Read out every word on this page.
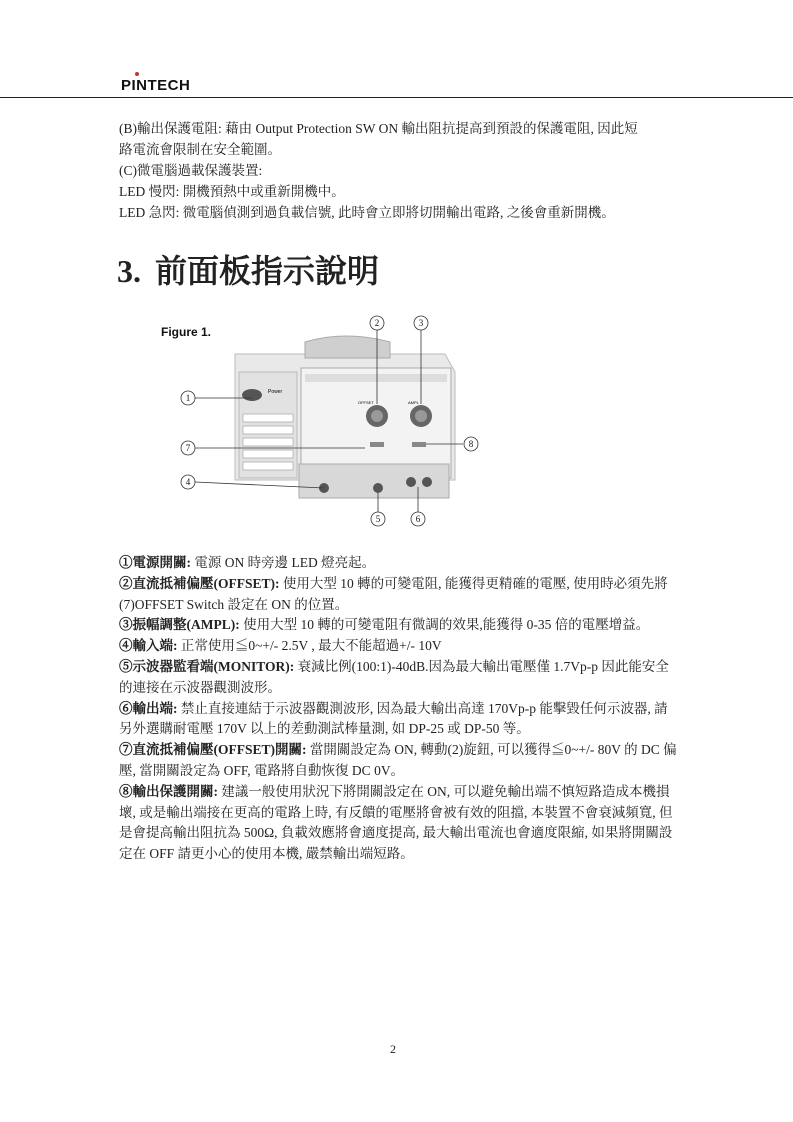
PINTECH
(B)輸出保護電阻: 藉由 Output Protection SW ON 輸出阻抗提高到預設的保護電阻, 因此短
路電流會限制在安全範圍。
(C)微電腦過載保護裝置:
LED 慢閃: 開機預熱中或重新開機中。
LED 急閃: 微電腦偵測到過負載信號, 此時會立即將切開輸出電路, 之後會重新開機。
3. 前面板指示說明
Figure 1.
Power
OFFSET	AMPL
1
2	3
4
5	6
7	8
①電源開關: 電源 ON 時旁邊 LED 燈亮起。
②直流抵補偏壓(OFFSET): 使用大型 10 轉的可變電阻, 能獲得更精確的電壓, 使用時必須先將(7)OFFSET Switch 設定在 ON 的位置。
③振幅調整(AMPL): 使用大型 10 轉的可變電阻有微調的效果,能獲得 0-35 倍的電壓增益。
④輸入端: 正常使用≦0~+/- 2.5V , 最大不能超過+/- 10V
⑤示波器監看端(MONITOR): 衰減比例(100:1)-40dB.因為最大輸出電壓僅 1.7Vp-p 因此能安全的連接在示波器觀測波形。
⑥輸出端: 禁止直接連結于示波器觀測波形, 因為最大輸出高達 170Vp-p 能擊毀任何示波器, 請另外選購耐電壓 170V 以上的差動測試棒量測, 如 DP-25 或 DP-50 等。
⑦直流抵補偏壓(OFFSET)開關: 當開關設定為 ON, 轉動(2)旋鈕, 可以獲得≦0~+/- 80V 的 DC 偏壓, 當開關設定為 OFF, 電路將自動恢復 DC 0V。
⑧輸出保護開關: 建議一般使用狀況下將開關設定在 ON, 可以避免輸出端不慎短路造成本機損壞, 或是輸出端接在更高的電路上時, 有反饋的電壓將會被有效的阻擋, 本裝置不會衰減頻寬, 但是會提高輸出阻抗為 500Ω, 負載效應將會適度提高, 最大輸出電流也會適度限縮, 如果將開關設定在 OFF 請更小心的使用本機, 嚴禁輸出端短路。
2
